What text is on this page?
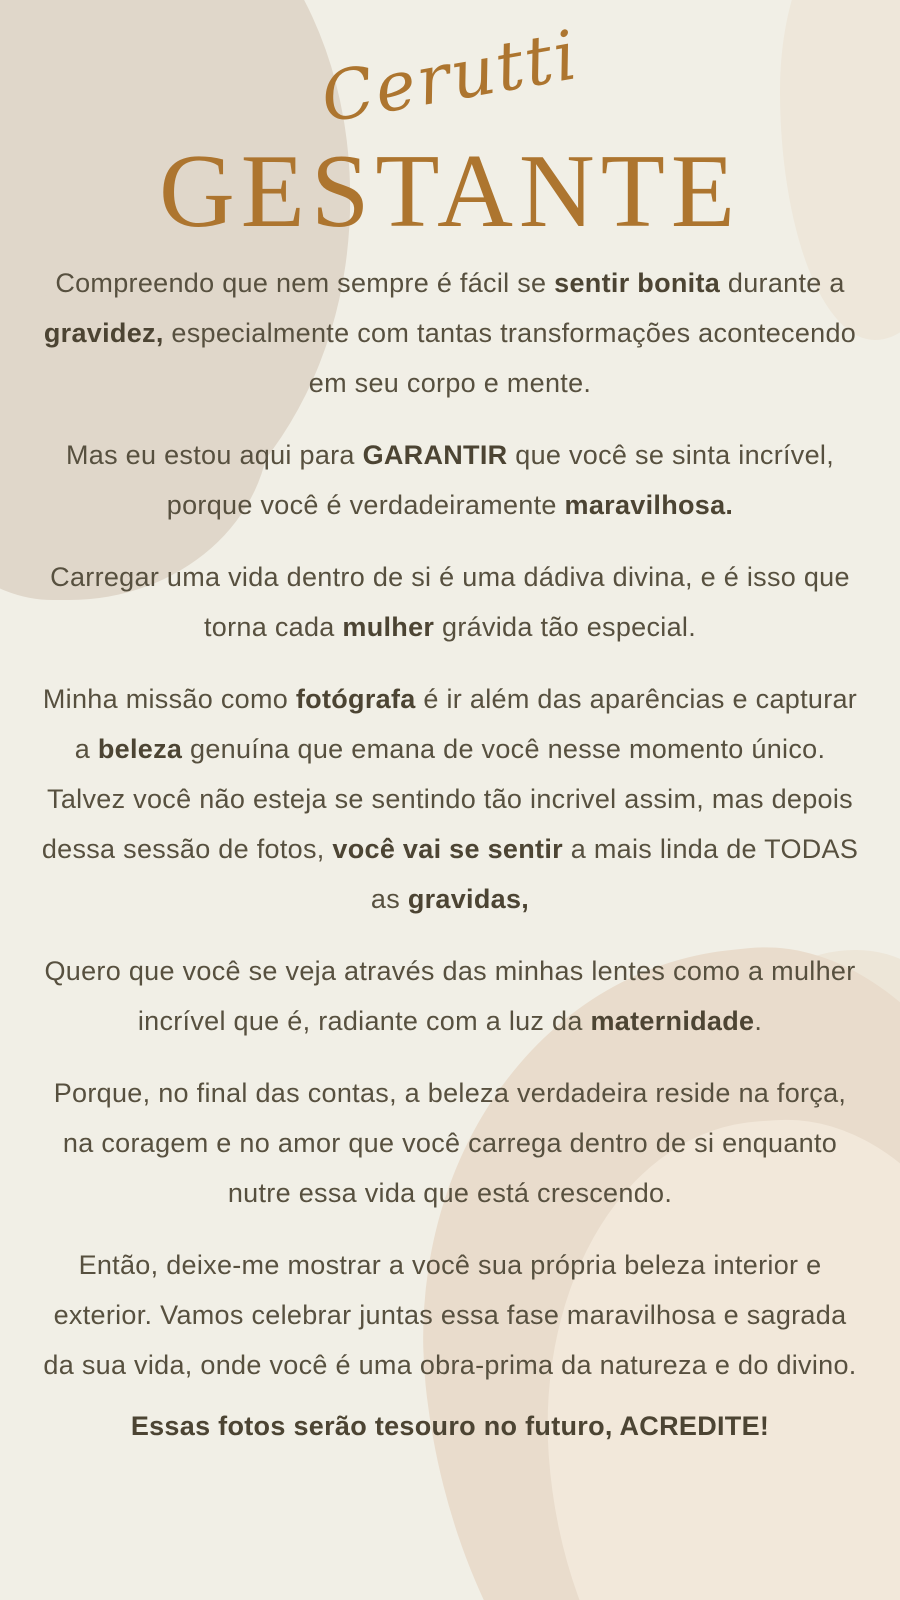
GESTANTE
Cerutti

Compreendo que nem sempre é fácil se sentir bonita durante a gravidez, especialmente com tantas transformações acontecendo em seu corpo e mente.

Mas eu estou aqui para GARANTIR que você se sinta incrível, porque você é verdadeiramente maravilhosa.

Carregar uma vida dentro de si é uma dádiva divina, e é isso que torna cada mulher grávida tão especial.

Minha missão como fotógrafa é ir além das aparências e capturar a beleza genuína que emana de você nesse momento único. Talvez você não esteja se sentindo tão incrivel assim, mas depois dessa sessão de fotos, você vai se sentir a mais linda de TODAS as gravidas,

Quero que você se veja através das minhas lentes como a mulher incrível que é, radiante com a luz da maternidade.

Porque, no final das contas, a beleza verdadeira reside na força, na coragem e no amor que você carrega dentro de si enquanto nutre essa vida que está crescendo.

Então, deixe-me mostrar a você sua própria beleza interior e exterior. Vamos celebrar juntas essa fase maravilhosa e sagrada da sua vida, onde você é uma obra-prima da natureza e do divino.

Essas fotos serão tesouro no futuro, ACREDITE!
